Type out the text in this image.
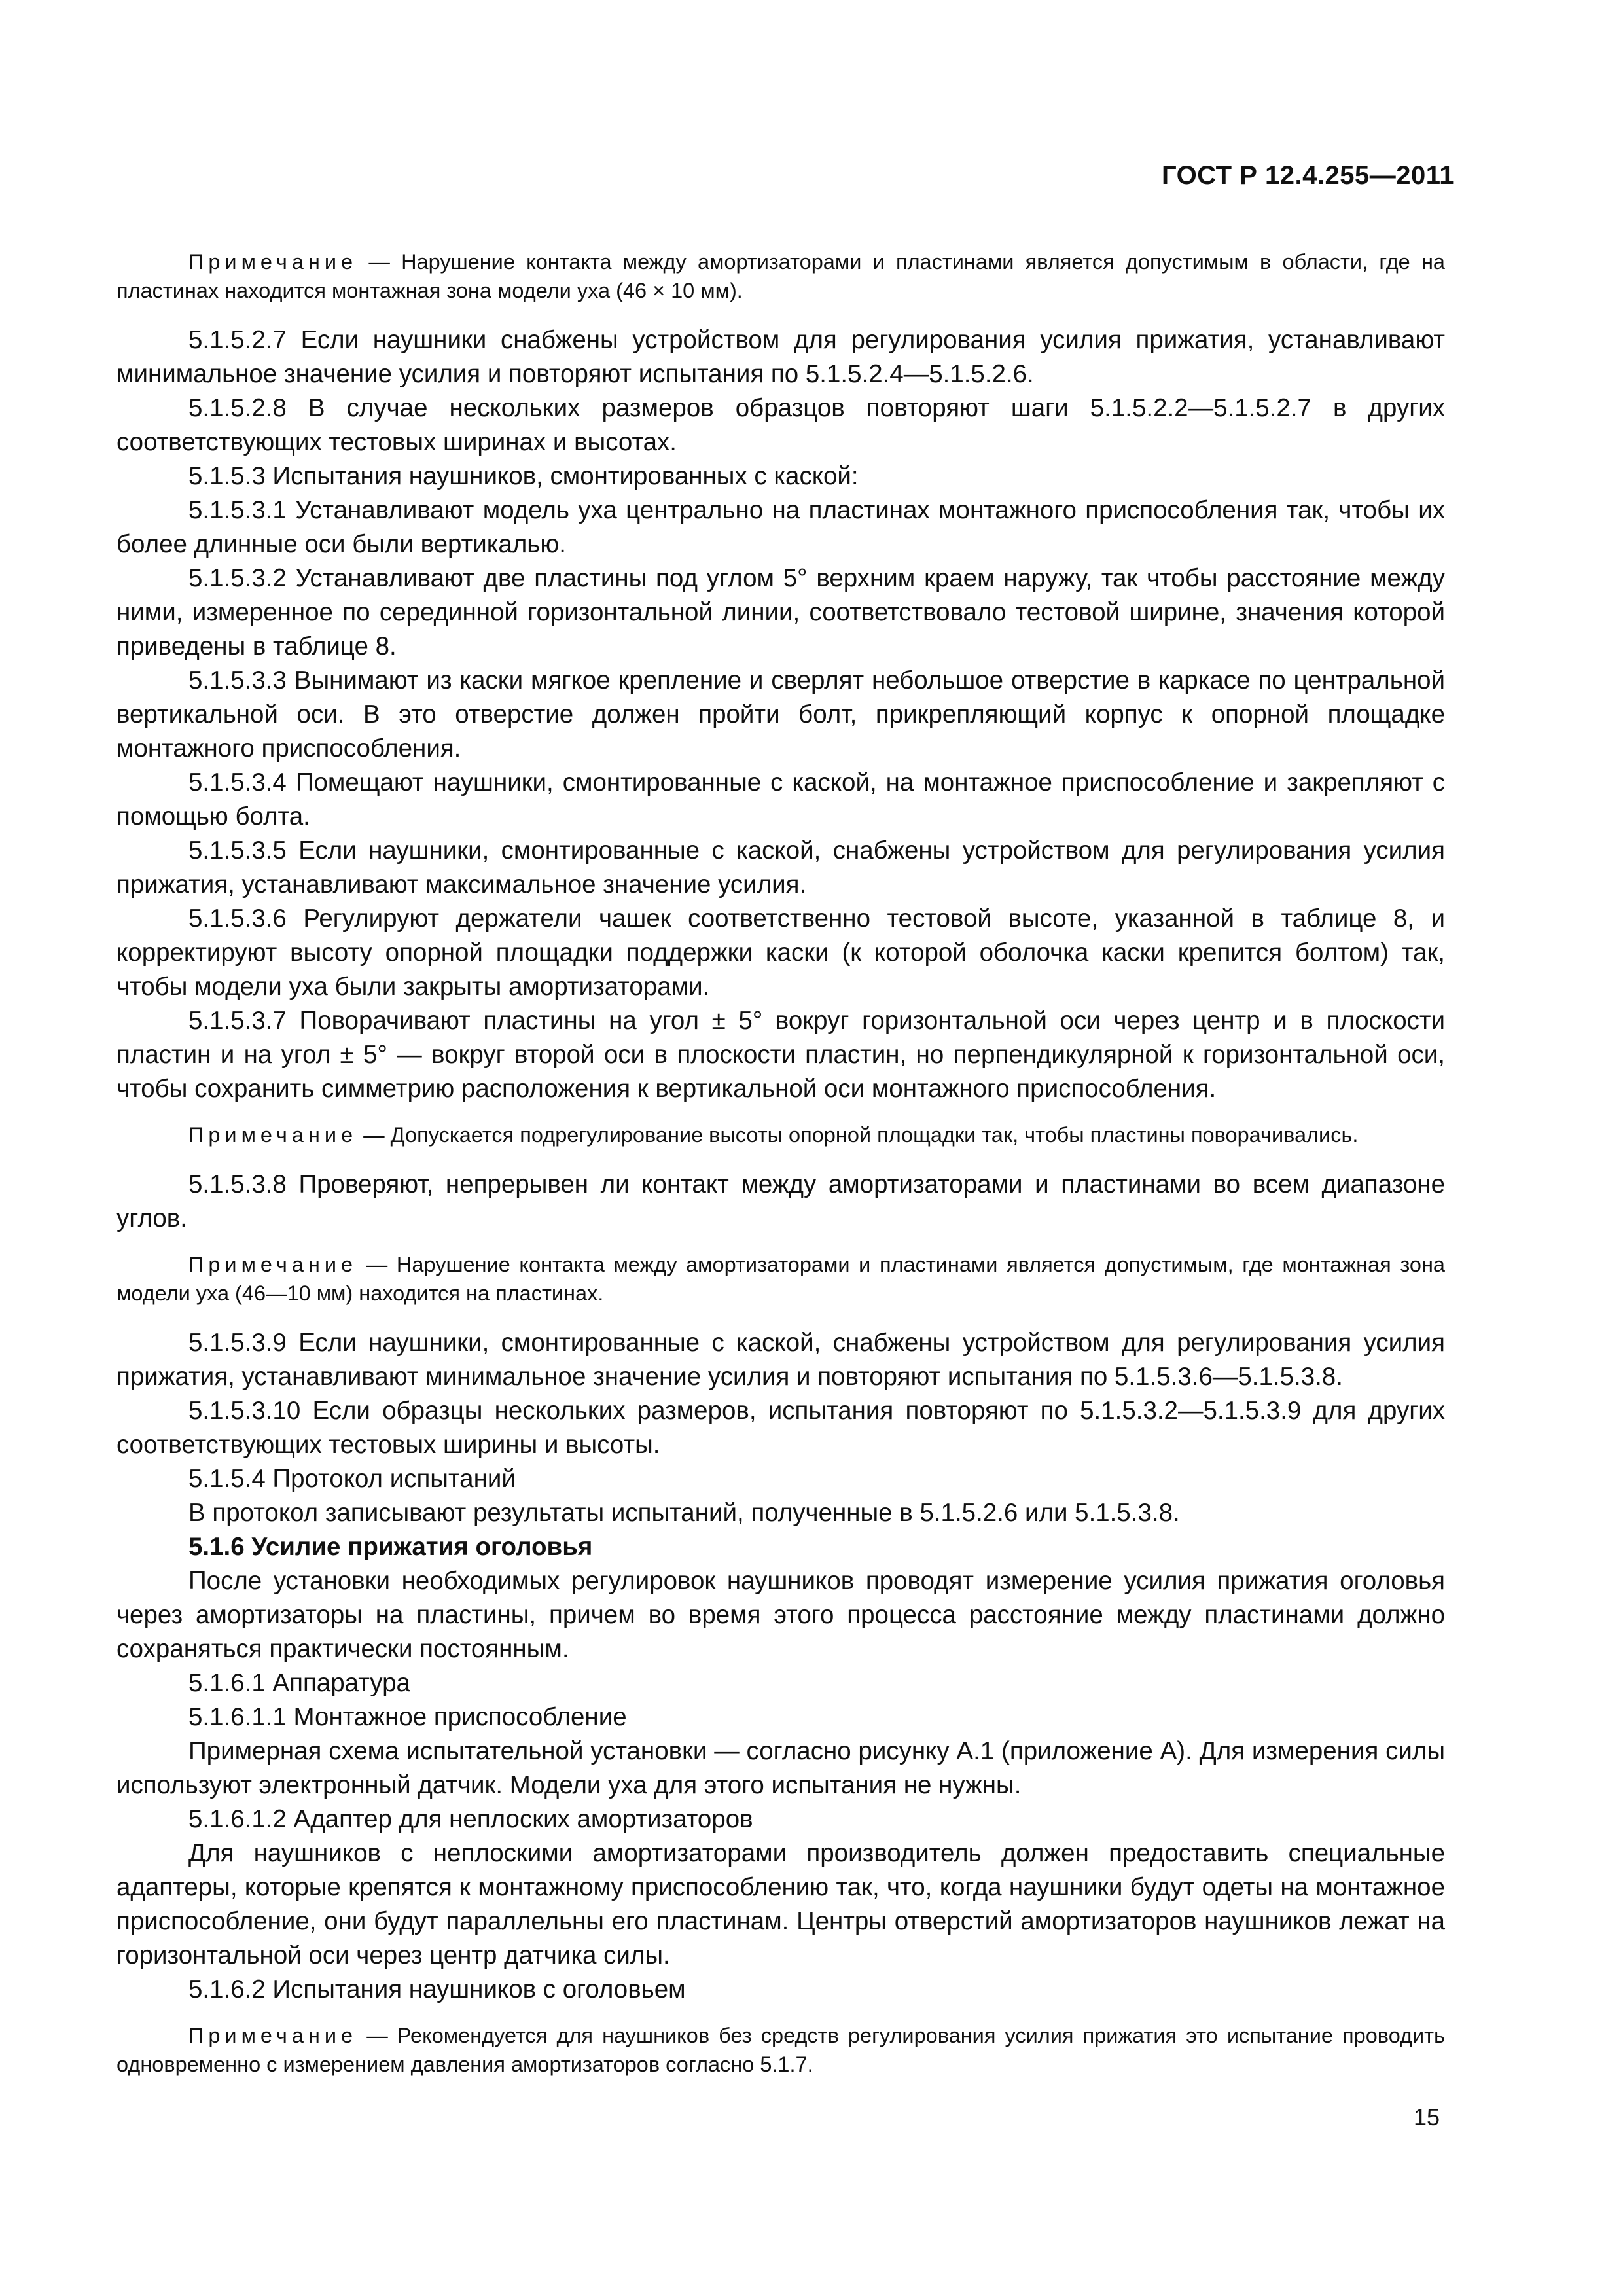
ГОСТ Р 12.4.255—2011

Примечание — Нарушение контакта между амортизаторами и пластинами является допустимым в области, где на пластинах находится монтажная зона модели уха (46 × 10 мм).

5.1.5.2.7 Если наушники снабжены устройством для регулирования усилия прижатия, устанавливают минимальное значение усилия и повторяют испытания по 5.1.5.2.4—5.1.5.2.6.

5.1.5.2.8 В случае нескольких размеров образцов повторяют шаги 5.1.5.2.2—5.1.5.2.7 в других соответствующих тестовых ширинах и высотах.

5.1.5.3 Испытания наушников, смонтированных с каской:

5.1.5.3.1 Устанавливают модель уха центрально на пластинах монтажного приспособления так, чтобы их более длинные оси были вертикалью.

5.1.5.3.2 Устанавливают две пластины под углом 5° верхним краем наружу, так чтобы расстояние между ними, измеренное по серединной горизонтальной линии, соответствовало тестовой ширине, значения которой приведены в таблице 8.

5.1.5.3.3 Вынимают из каски мягкое крепление и сверлят небольшое отверстие в каркасе по центральной вертикальной оси. В это отверстие должен пройти болт, прикрепляющий корпус к опорной площадке монтажного приспособления.

5.1.5.3.4 Помещают наушники, смонтированные с каской, на монтажное приспособление и закрепляют с помощью болта.

5.1.5.3.5 Если наушники, смонтированные с каской, снабжены устройством для регулирования усилия прижатия, устанавливают максимальное значение усилия.

5.1.5.3.6 Регулируют держатели чашек соответственно тестовой высоте, указанной в таблице 8, и корректируют высоту опорной площадки поддержки каски (к которой оболочка каски крепится болтом) так, чтобы модели уха были закрыты амортизаторами.

5.1.5.3.7 Поворачивают пластины на угол ± 5° вокруг горизонтальной оси через центр и в плоскости пластин и на угол ± 5° — вокруг второй оси в плоскости пластин, но перпендикулярной к горизонтальной оси, чтобы сохранить симметрию расположения к вертикальной оси монтажного приспособления.

Примечание — Допускается подрегулирование высоты опорной площадки так, чтобы пластины поворачивались.

5.1.5.3.8 Проверяют, непрерывен ли контакт между амортизаторами и пластинами во всем диапазоне углов.

Примечание — Нарушение контакта между амортизаторами и пластинами является допустимым, где монтажная зона модели уха (46—10 мм) находится на пластинах.

5.1.5.3.9 Если наушники, смонтированные с каской, снабжены устройством для регулирования усилия прижатия, устанавливают минимальное значение усилия и повторяют испытания по 5.1.5.3.6—5.1.5.3.8.

5.1.5.3.10 Если образцы нескольких размеров, испытания повторяют по 5.1.5.3.2—5.1.5.3.9 для других соответствующих тестовых ширины и высоты.

5.1.5.4 Протокол испытаний

В протокол записывают результаты испытаний, полученные в 5.1.5.2.6 или 5.1.5.3.8.

5.1.6 Усилие прижатия оголовья

После установки необходимых регулировок наушников проводят измерение усилия прижатия оголовья через амортизаторы на пластины, причем во время этого процесса расстояние между пластинами должно сохраняться практически постоянным.

5.1.6.1 Аппаратура

5.1.6.1.1 Монтажное приспособление

Примерная схема испытательной установки — согласно рисунку А.1 (приложение А). Для измерения силы используют электронный датчик. Модели уха для этого испытания не нужны.

5.1.6.1.2 Адаптер для неплоских амортизаторов

Для наушников с неплоскими амортизаторами производитель должен предоставить специальные адаптеры, которые крепятся к монтажному приспособлению так, что, когда наушники будут одеты на монтажное приспособление, они будут параллельны его пластинам. Центры отверстий амортизаторов наушников лежат на горизонтальной оси через центр датчика силы.

5.1.6.2 Испытания наушников с оголовьем

Примечание — Рекомендуется для наушников без средств регулирования усилия прижатия это испытание проводить одновременно с измерением давления амортизаторов согласно 5.1.7.

15
